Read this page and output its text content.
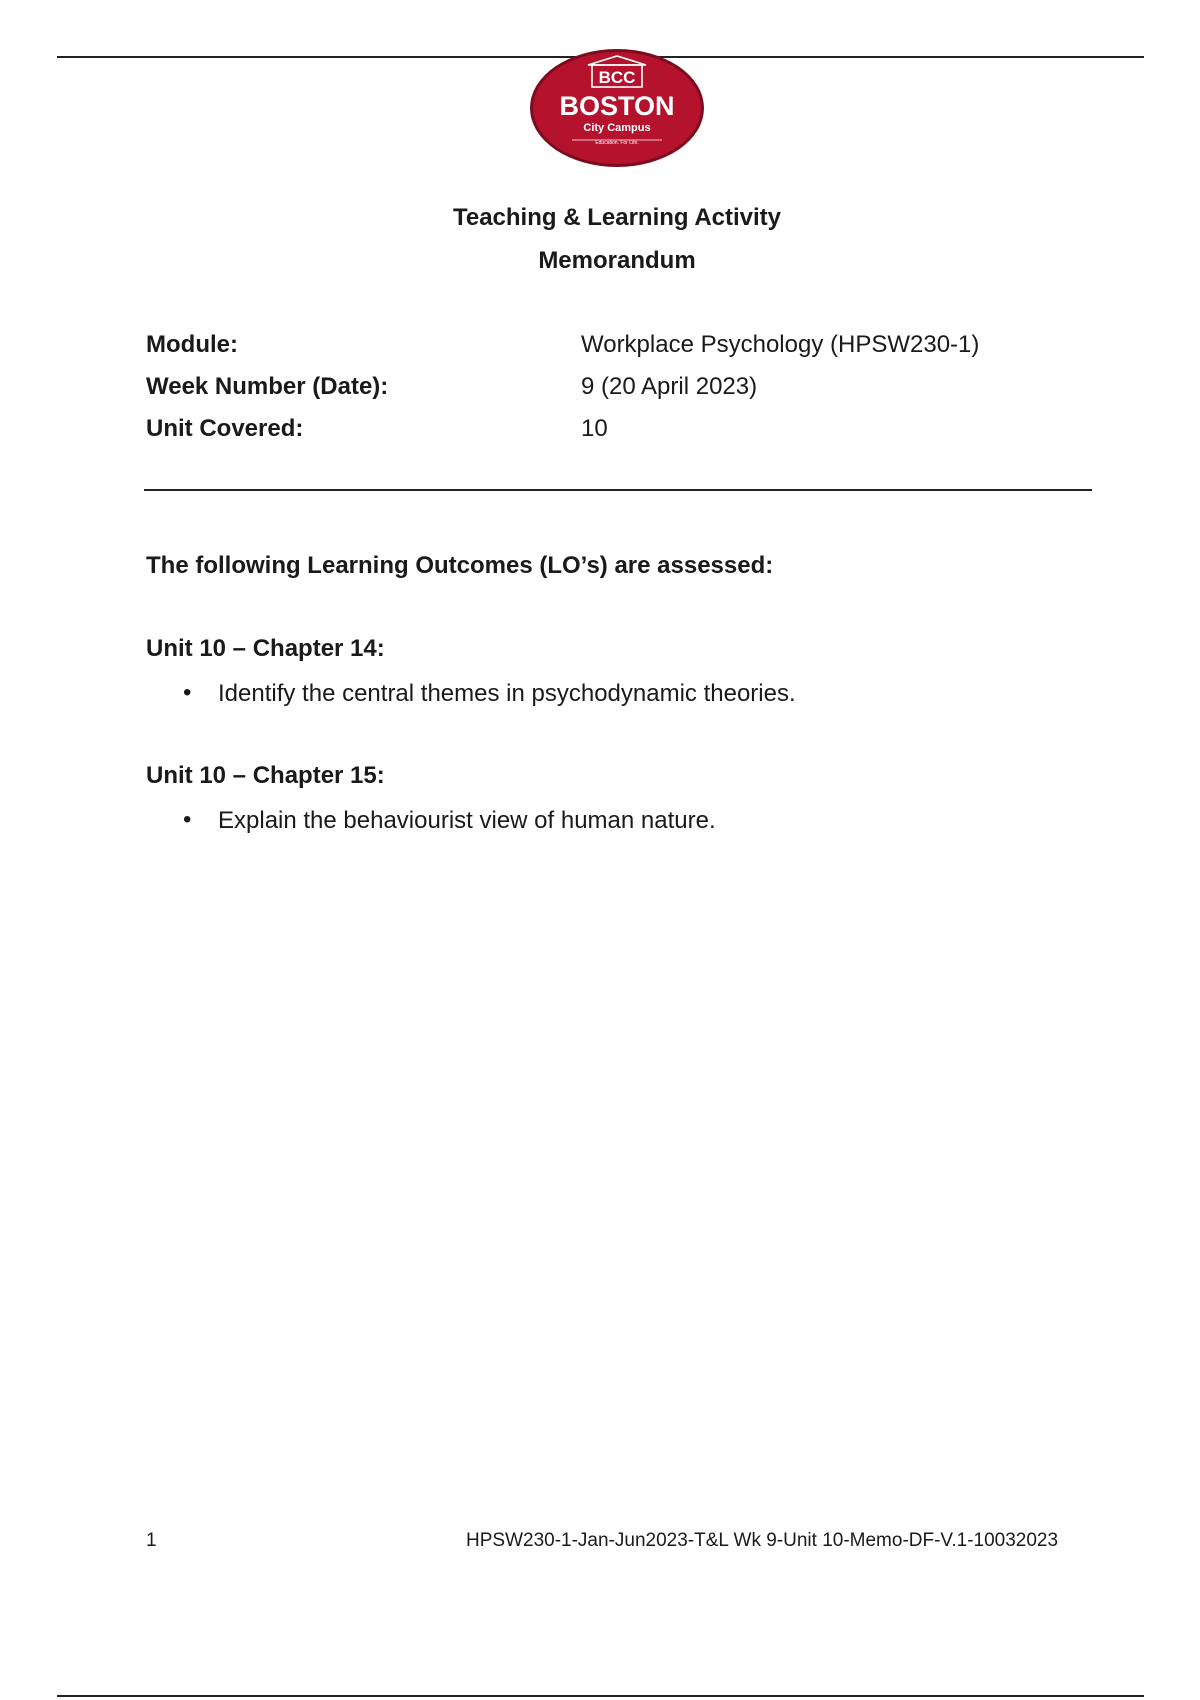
BCC
BOSTON
City Campus
Education. For Life.
Teaching & Learning Activity
Memorandum
Module:	Workplace Psychology (HPSW230-1)
Week Number (Date):	9 (20 April 2023)
Unit Covered:	10
The following Learning Outcomes (LO’s) are assessed:
Unit 10 – Chapter 14:
• Identify the central themes in psychodynamic theories.
Unit 10 – Chapter 15:
• Explain the behaviourist view of human nature.
1	HPSW230-1-Jan-Jun2023-T&L Wk 9-Unit 10-Memo-DF-V.1-10032023
